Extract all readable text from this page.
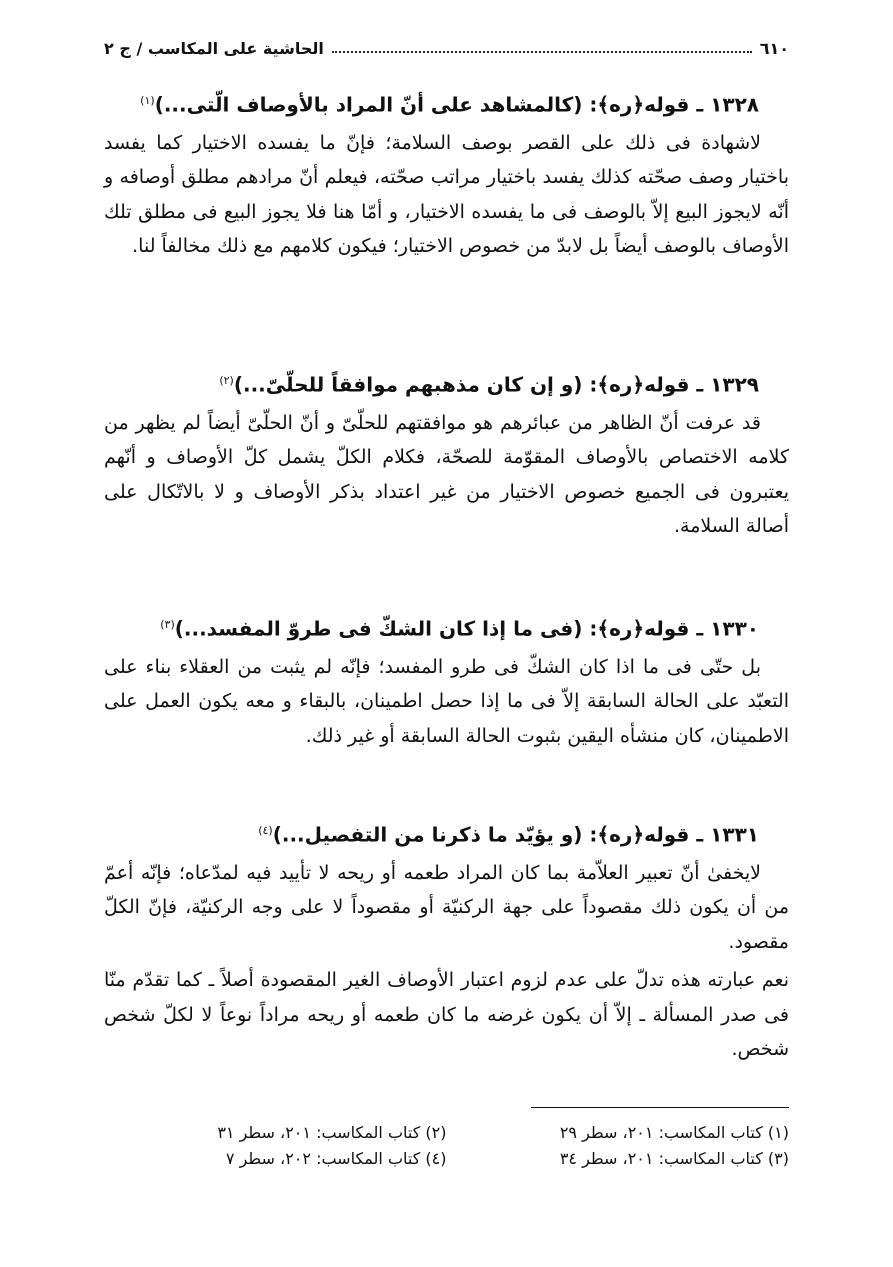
٦١٠
الحاشية على المكاسب / ج ٢

١٣٢٨ ـ قوله﴿ره﴾: (كالمشاهد على أنّ المراد بالأوصاف الّتى...)$^{(١)}$

لاشهادة فى ذلك على القصر بوصف السلامة؛ فإنّ ما يفسده الاختيار كما يفسد باختيار وصف صحّته كذلك يفسد باختيار مراتب صحّته، فيعلم أنّ مرادهم مطلق أوصافه و أنّه لايجوز البيع إلاّ بالوصف فى ما يفسده الاختيار، و أمّا هنا فلا يجوز البيع فى مطلق تلك الأوصاف بالوصف أيضاً بل لابدّ من خصوص الاختيار؛ فيكون كلامهم مع ذلك مخالفاً لنا.

١٣٢٩ ـ قوله﴿ره﴾: (و إن كان مذهبهم موافقاً للحلّىّ...)$^{(٢)}$

قد عرفت أنّ الظاهر من عبائرهم هو موافقتهم للحلّىّ و أنّ الحلّىّ أيضاً لم يظهر من كلامه الاختصاص بالأوصاف المقوّمة للصحّة، فكلام الكلّ يشمل كلّ الأوصاف و أنّهم يعتبرون فى الجميع خصوص الاختيار من غير اعتداد بذكر الأوصاف و لا بالاتّكال على أصالة السلامة.

١٣٣٠ ـ قوله﴿ره﴾: (فى ما إذا كان الشكّ فى طروّ المفسد...)$^{(٣)}$

بل حتّى فى ما اذا كان الشكّ فى طرو المفسد؛ فإنّه لم يثبت من العقلاء بناء على التعبّد على الحالة السابقة إلاّ فى ما إذا حصل اطمينان، بالبقاء و معه يكون العمل على الاطمينان، كان منشأه اليقين بثبوت الحالة السابقة أو غير ذلك.

١٣٣١ ـ قوله﴿ره﴾: (و يؤيّد ما ذكرنا من التفصيل...)$^{(٤)}$

لايخفىٰ أنّ تعبير العلاّمة بما كان المراد طعمه أو ريحه لا تأييد فيه لمدّعاه؛ فإنّه أعمّ من أن يكون ذلك مقصوداً على جهة الركنيّة أو مقصوداً لا على وجه الركنيّة، فإنّ الكلّ مقصود.

نعم عبارته هذه تدلّ على عدم لزوم اعتبار الأوصاف الغير المقصودة أصلاً ـ كما تقدّم منّا فى صدر المسألة ـ إلاّ أن يكون غرضه ما كان طعمه أو ريحه مراداً نوعاً لا لكلّ شخص شخص.

(١) كتاب المكاسب: ٢٠١، سطر ٢٩
(٢) كتاب المكاسب: ٢٠١، سطر ٣١
(٣) كتاب المكاسب: ٢٠١، سطر ٣٤
(٤) كتاب المكاسب: ٢٠٢، سطر ٧
